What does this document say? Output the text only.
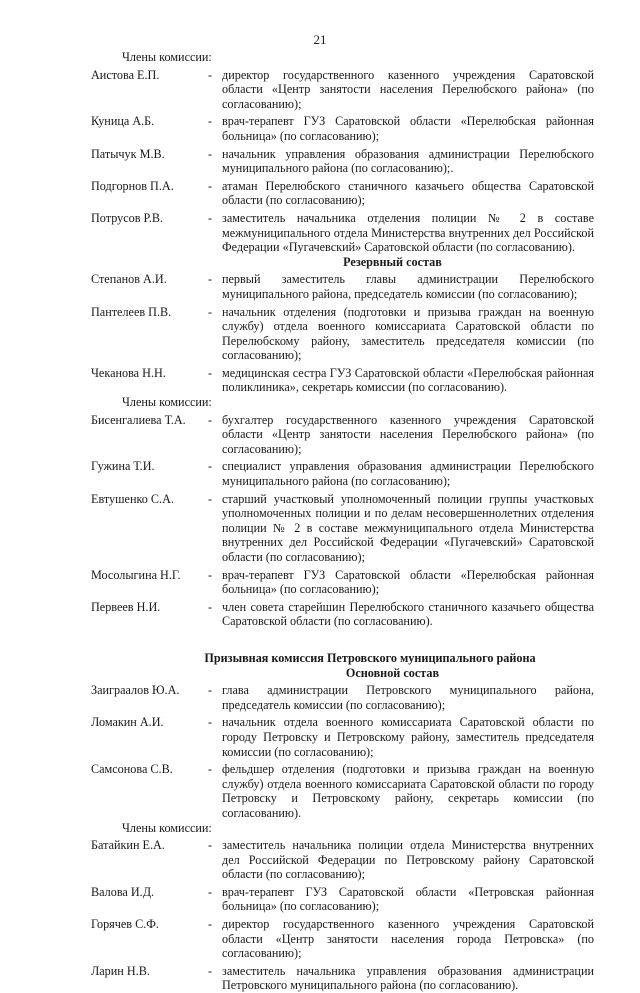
21
Члены комиссии:
Аистова Е.П.	- директор государственного казенного учреждения Саратовской области «Центр занятости населения Перелюбского района» (по согласованию);
Куница А.Б.	- врач-терапевт ГУЗ Саратовской области «Перелюбская районная больница» (по согласованию);
Патычук М.В.	- начальник управления образования администрации Перелюбского муниципального района (по согласованию);.
Подгорнов П.А.	- атаман Перелюбского станичного казачьего общества Саратовской области (по согласованию);
Потрусов Р.В.	- заместитель начальника отделения полиции № 2 в составе межмуниципального отдела Министерства внутренних дел Российской Федерации «Пугачевский» Саратовской области (по согласованию).
Резервный состав
Степанов А.И.	- первый заместитель главы администрации Перелюбского муниципального района, председатель комиссии (по согласованию);
Пантелеев П.В.	- начальник отделения (подготовки и призыва граждан на военную службу) отдела военного комиссариата Саратовской области по Перелюбскому району, заместитель председателя комиссии (по согласованию);
Чеканова Н.Н.	- медицинская сестра ГУЗ Саратовской области «Перелюбская районная поликлиника», секретарь комиссии (по согласованию).
Члены комиссии:
Бисенгалиева Т.А.	- бухгалтер государственного казенного учреждения Саратовской области «Центр занятости населения Перелюбского района» (по согласованию);
Гужина Т.И.	- специалист управления образования администрации Перелюбского муниципального района (по согласованию);
Евтушенко С.А.	- старший участковый уполномоченный полиции группы участковых уполномоченных полиции и по делам несовершеннолетних отделения полиции № 2 в составе межмуниципального отдела Министерства внутренних дел Российской Федерации «Пугачевский» Саратовской области (по согласованию);
Мосолыгина Н.Г.	- врач-терапевт ГУЗ Саратовской области «Перелюбская районная больница» (по согласованию);
Первеев Н.И.	- член совета старейшин Перелюбского станичного казачьего общества Саратовской области (по согласованию).
Призывная комиссия Петровского муниципального района
Основной состав
Заиграалов Ю.А.	- глава администрации Петровского муниципального района, председатель комиссии (по согласованию);
Ломакин А.И.	- начальник отдела военного комиссариата Саратовской области по городу Петровску и Петровскому району, заместитель председателя комиссии (по согласованию);
Самсонова С.В.	- фельдшер отделения (подготовки и призыва граждан на военную службу) отдела военного комиссариата Саратовской области по городу Петровску и Петровскому району, секретарь комиссии (по согласованию).
Члены комиссии:
Батайкин Е.А.	- заместитель начальника полиции отдела Министерства внутренних дел Российской Федерации по Петровскому району Саратовской области (по согласованию);
Валова И.Д.	- врач-терапевт ГУЗ Саратовской области «Петровская районная больница» (по согласованию);
Горячев С.Ф.	- директор государственного казенного учреждения Саратовской области «Центр занятости населения города Петровска» (по согласованию);
Ларин Н.В.	- заместитель начальника управления образования администрации Петровского муниципального района (по согласованию).
